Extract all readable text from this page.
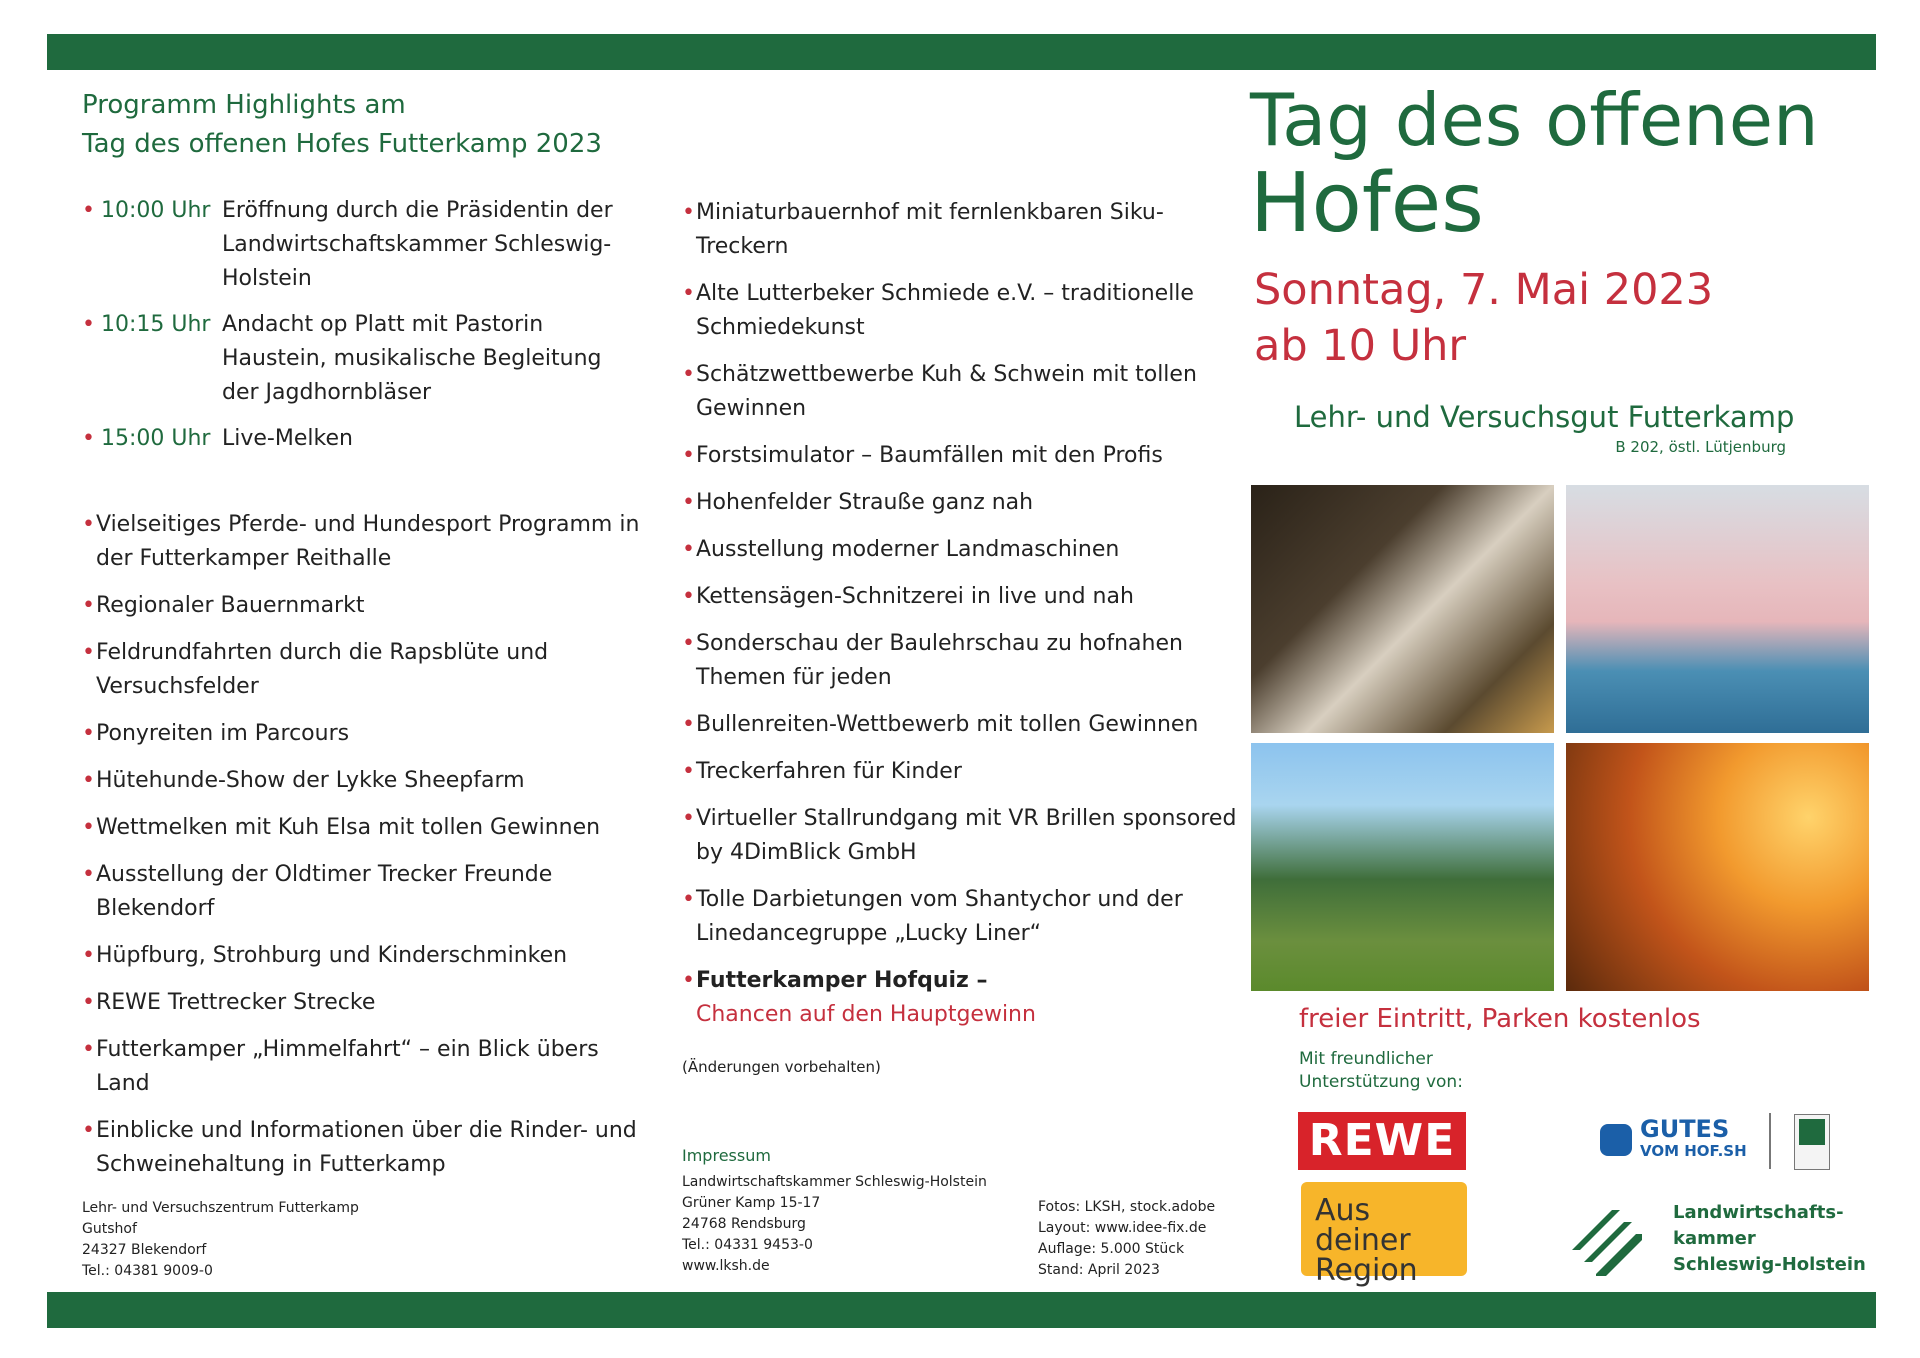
Programm Highlights am
Tag des offenen Hofes Futterkamp 2023
• 10:00 Uhr Eröffnung durch die Präsidentin der Landwirtschaftskammer Schleswig-Holstein
• 10:15 Uhr Andacht op Platt mit Pastorin Haustein, musikalische Begleitung der Jagdhornbläser
• 15:00 Uhr Live-Melken
• Vielseitiges Pferde- und Hundesport Programm in der Futterkamper Reithalle
• Regionaler Bauernmarkt
• Feldrundfahrten durch die Rapsblüte und Versuchsfelder
• Ponyreiten im Parcours
• Hütehunde-Show der Lykke Sheepfarm
• Wettmelken mit Kuh Elsa mit tollen Gewinnen
• Ausstellung der Oldtimer Trecker Freunde Blekendorf
• Hüpfburg, Strohburg und Kinderschminken
• REWE Trettrecker Strecke
• Futterkamper „Himmelfahrt“ – ein Blick übers Land
• Einblicke und Informationen über die Rinder- und Schweinehaltung in Futterkamp
• Miniaturbauernhof mit fernlenkbaren Siku-Treckern
• Alte Lutterbeker Schmiede e.V. – traditionelle Schmiedekunst
• Schätzwettbewerbe Kuh & Schwein mit tollen Gewinnen
• Forstsimulator – Baumfällen mit den Profis
• Hohenfelder Strauße ganz nah
• Ausstellung moderner Landmaschinen
• Kettensägen-Schnitzerei in live und nah
• Sonderschau der Baulehrschau zu hofnahen Themen für jeden
• Bullenreiten-Wettbewerb mit tollen Gewinnen
• Treckerfahren für Kinder
• Virtueller Stallrundgang mit VR Brillen sponsored by 4DimBlick GmbH
• Tolle Darbietungen vom Shantychor und der Linedancegruppe „Lucky Liner“
• Futterkamper Hofquiz –
Chancen auf den Hauptgewinn
(Änderungen vorbehalten)
Lehr- und Versuchszentrum Futterkamp
Gutshof
24327 Blekendorf
Tel.: 04381 9009-0
Impressum
Landwirtschaftskammer Schleswig-Holstein
Grüner Kamp 15-17
24768 Rendsburg
Tel.: 04331 9453-0
www.lksh.de
Fotos: LKSH, stock.adobe
Layout: www.idee-fix.de
Auflage: 5.000 Stück
Stand: April 2023
Tag des offenen
Hofes
Sonntag, 7. Mai 2023
ab 10 Uhr
Lehr- und Versuchsgut Futterkamp
B 202, östl. Lütjenburg
freier Eintritt, Parken kostenlos
Mit freundlicher
Unterstützung von:
REWE
Aus deiner
Region
GUTES
VOM HOF.SH
Landwirtschafts-
kammer
Schleswig-Holstein
